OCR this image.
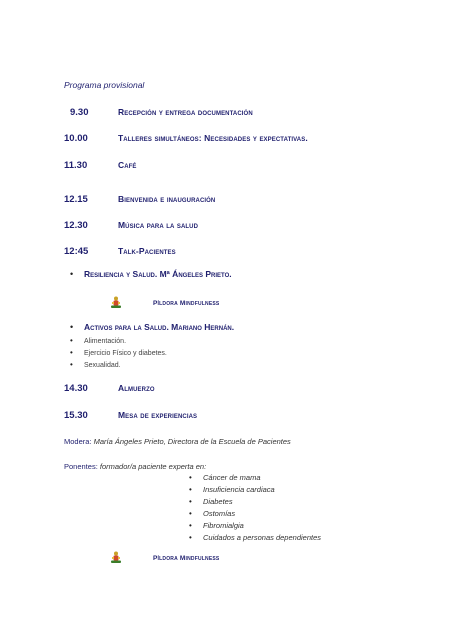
Programa provisional
9.30	Recepción y entrega documentación
10.00	Talleres simultáneos: Necesidades y expectativas.
11.30	Café
12.15	Bienvenida e inauguración
12.30	Música para la salud
12:45	Talk-Pacientes
•	Resiliencia y Salud. Mª Ángeles Prieto.
Píldora Mindfulness
•	Activos para la Salud. Mariano Hernán.
•	Alimentación.
•	Ejercicio Físico y diabetes.
•	Sexualidad.
14.30	Almuerzo
15.30	Mesa de experiencias
Modera: María Ángeles Prieto, Directora de la Escuela de Pacientes
Ponentes: formador/a paciente experta en:
•	Cáncer de mama
•	Insuficiencia cardiaca
•	Diabetes
•	Ostomías
•	Fibromialgia
•	Cuidados a personas dependientes
Píldora Mindfulness
